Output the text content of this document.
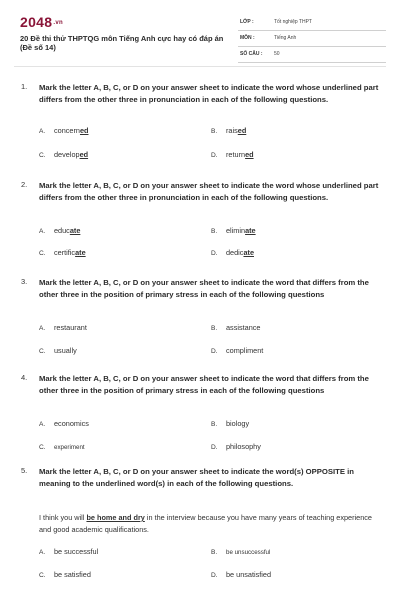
2048.vn
20 Đề thi thử THPTQG môn Tiếng Anh cực hay có đáp án (Đề số 14)
LỚP :	Tốt nghiệp THPT
MÔN :	Tiếng Anh
SỐ CÂU : 50
1. Mark the letter A, B, C, or D on your answer sheet to indicate the word whose underlined part differs from the other three in pronunciation in each of the following questions.
A. concerned	B. raised
C. developed	D. returned
2. Mark the letter A, B, C, or D on your answer sheet to indicate the word whose underlined part differs from the other three in pronunciation in each of the following questions.
A. educate	B. eliminate
C. certificate	D. dedicate
3. Mark the letter A, B, C, or D on your answer sheet to indicate the word that differs from the other three in the position of primary stress in each of the following questions
A. restaurant	B. assistance
C. usually	D. compliment
4. Mark the letter A, B, C, or D on your answer sheet to indicate the word that differs from the other three in the position of primary stress in each of the following questions
A. economics	B. biology
C. experiment	D. philosophy
5. Mark the letter A, B, C, or D on your answer sheet to indicate the word(s) OPPOSITE in meaning to the underlined word(s) in each of the following questions.
I think you will be home and dry in the interview because you have many years of teaching experience and good academic qualifications.
A. be successful	B. be unsuccessful
C. be satisfied	D. be unsatisfied
